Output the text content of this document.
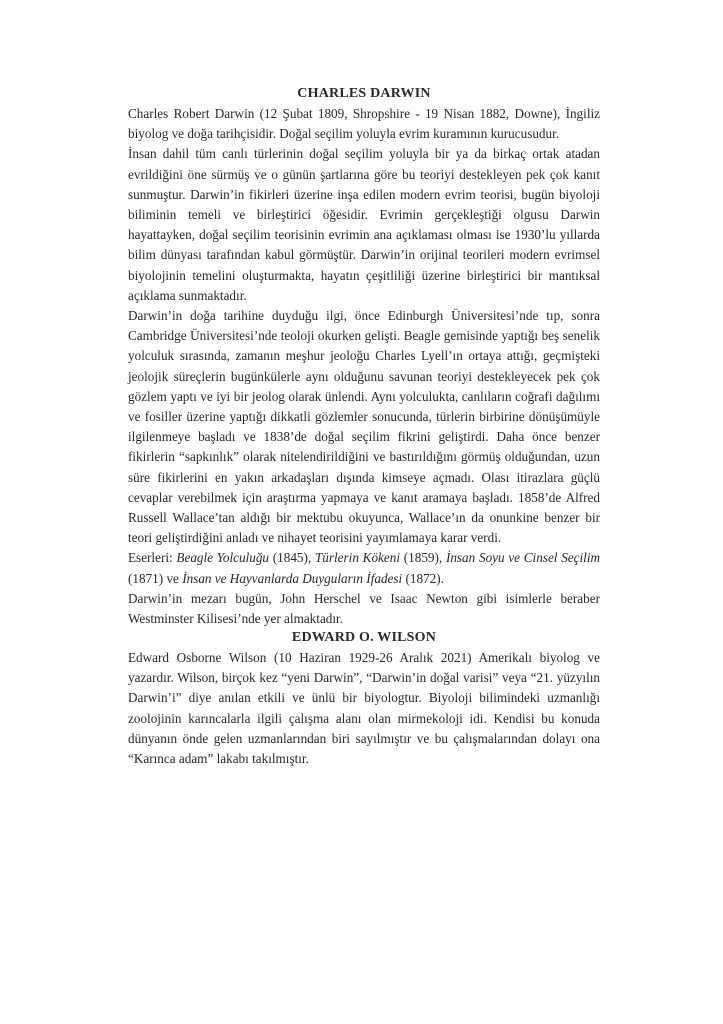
CHARLES DARWIN

Charles Robert Darwin (12 Şubat 1809, Shropshire - 19 Nisan 1882, Downe), İngiliz biyolog ve doğa tarihçisidir. Doğal seçilim yoluyla evrim kuramının kurucusudur.

İnsan dahil tüm canlı türlerinin doğal seçilim yoluyla bir ya da birkaç ortak atadan evrildiğini öne sürmüş ve o günün şartlarına göre bu teoriyi destekleyen pek çok kanıt sunmuştur. Darwin’in fikirleri üzerine inşa edilen modern evrim teorisi, bugün biyoloji biliminin temeli ve birleştirici öğesidir. Evrimin gerçekleştiği olgusu Darwin hayattayken, doğal seçilim teorisinin evrimin ana açıklaması olması ise 1930’lu yıllarda bilim dünyası tarafından kabul görmüştür. Darwin’in orijinal teorileri modern evrimsel biyolojinin temelini oluşturmakta, hayatın çeşitliliği üzerine birleştirici bir mantıksal açıklama sunmaktadır.

Darwin’in doğa tarihine duyduğu ilgi, önce Edinburgh Üniversitesi’nde tıp, sonra Cambridge Üniversitesi’nde teoloji okurken gelişti. Beagle gemisinde yaptığı beş senelik yolculuk sırasında, zamanın meşhur jeoloğu Charles Lyell’ın ortaya attığı, geçmişteki jeolojik süreçlerin bugünkülerle aynı olduğunu savunan teoriyi destekleyecek pek çok gözlem yaptı ve iyi bir jeolog olarak ünlendi. Aynı yolculukta, canlıların coğrafi dağılımı ve fosiller üzerine yaptığı dikkatli gözlemler sonucunda, türlerin birbirine dönüşümüyle ilgilenmeye başladı ve 1838’de doğal seçilim fikrini geliştirdi. Daha önce benzer fikirlerin “sapkınlık” olarak nitelendirildiğini ve bastırıldığını görmüş olduğundan, uzun süre fikirlerini en yakın arkadaşları dışında kimseye açmadı. Olası itirazlara güçlü cevaplar verebilmek için araştırma yapmaya ve kanıt aramaya başladı. 1858’de Alfred Russell Wallace’tan aldığı bir mektubu okuyunca, Wallace’ın da onunkine benzer bir teori geliştirdiğini anladı ve nihayet teorisini yayımlamaya karar verdi.

Eserleri: Beagle Yolculuğu (1845), Türlerin Kökeni (1859), İnsan Soyu ve Cinsel Seçilim (1871) ve İnsan ve Hayvanlarda Duyguların İfadesi (1872).

Darwin’in mezarı bugün, John Herschel ve Isaac Newton gibi isimlerle beraber Westminster Kilisesi’nde yer almaktadır.

EDWARD O. WILSON

Edward Osborne Wilson (10 Haziran 1929-26 Aralık 2021) Amerikalı biyolog ve yazardır. Wilson, birçok kez “yeni Darwin”, “Darwin’in doğal varisi” veya “21. yüzyılın Darwin’i” diye anılan etkili ve ünlü bir biyologtur. Biyoloji bilimindeki uzmanlığı zoolojinin karıncalarla ilgili çalışma alanı olan mirmekoloji idi. Kendisi bu konuda dünyanın önde gelen uzmanlarından biri sayılmıştır ve bu çalışmalarından dolayı ona “Karınca adam” lakabı takılmıştır.
